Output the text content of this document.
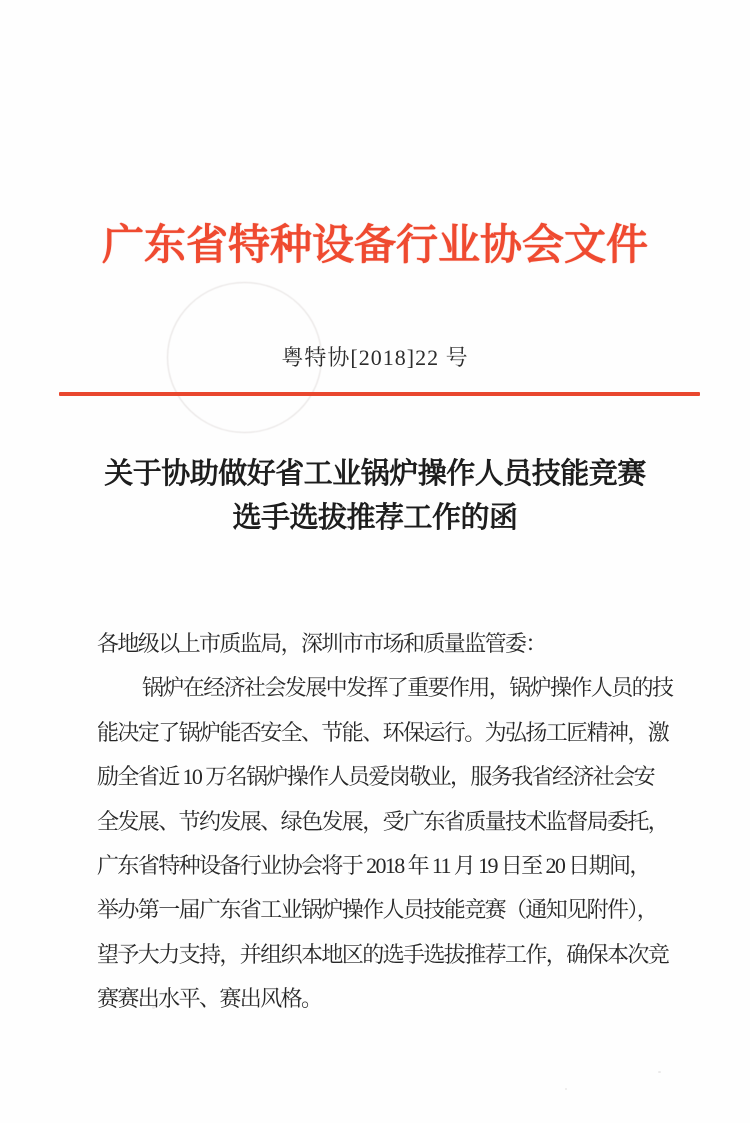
广东省特种设备行业协会文件
粤特协[2018]22 号
关于协助做好省工业锅炉操作人员技能竞赛
选手选拔推荐工作的函
各地级以上市质监局，深圳市市场和质量监管委：
锅炉在经济社会发展中发挥了重要作用，锅炉操作人员的技
能决定了锅炉能否安全、节能、环保运行。为弘扬工匠精神，激
励全省近 10 万名锅炉操作人员爱岗敬业，服务我省经济社会安
全发展、节约发展、绿色发展，受广东省质量技术监督局委托，
广东省特种设备行业协会将于 2018 年 11 月 19 日至 20 日期间，
举办第一届广东省工业锅炉操作人员技能竞赛（通知见附件），
望予大力支持，并组织本地区的选手选拔推荐工作，确保本次竞
赛赛出水平、赛出风格。
